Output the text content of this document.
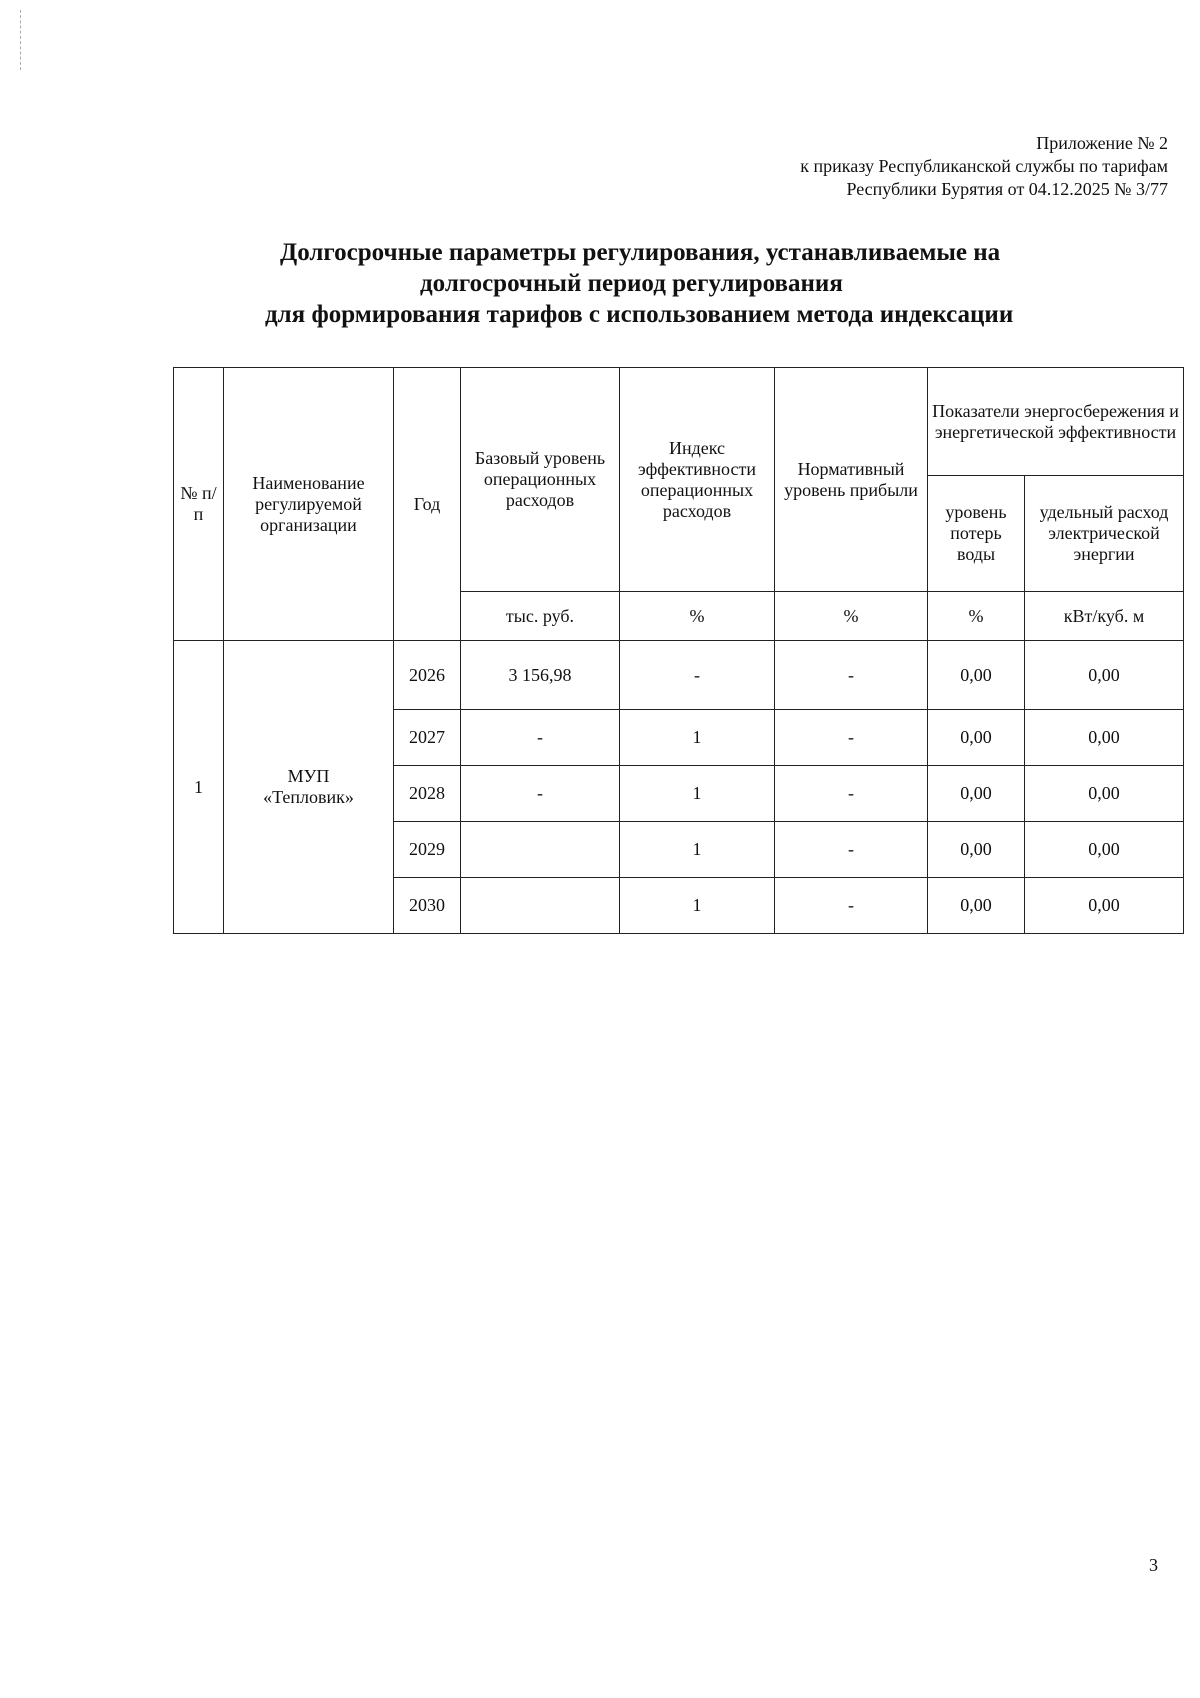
Приложение № 2
к приказу Республиканской службы по тарифам
Республики Бурятия от 04.12.2025 № 3/77
Долгосрочные параметры регулирования, устанавливаемые на
долгосрочный период регулирования
для формирования тарифов с использованием метода индексации
№ п/п	Наименование регулируемой организации	Год	Базовый уровень операционных расходов	Индекс эффективности операционных расходов	Нормативный уровень прибыли	Показатели энергосбережения и энергетической эффективности	
						уровень потерь воды	удельный расход электрической энергии
			тыс. руб.	%	%	%	кВт/куб. м
1	МУП «Тепловик»	2026	3 156,98	-	-	0,00	0,00
		2027	-	1	-	0,00	0,00
		2028	-	1	-	0,00	0,00
		2029		1	-	0,00	0,00
		2030		1	-	0,00	0,00
3
